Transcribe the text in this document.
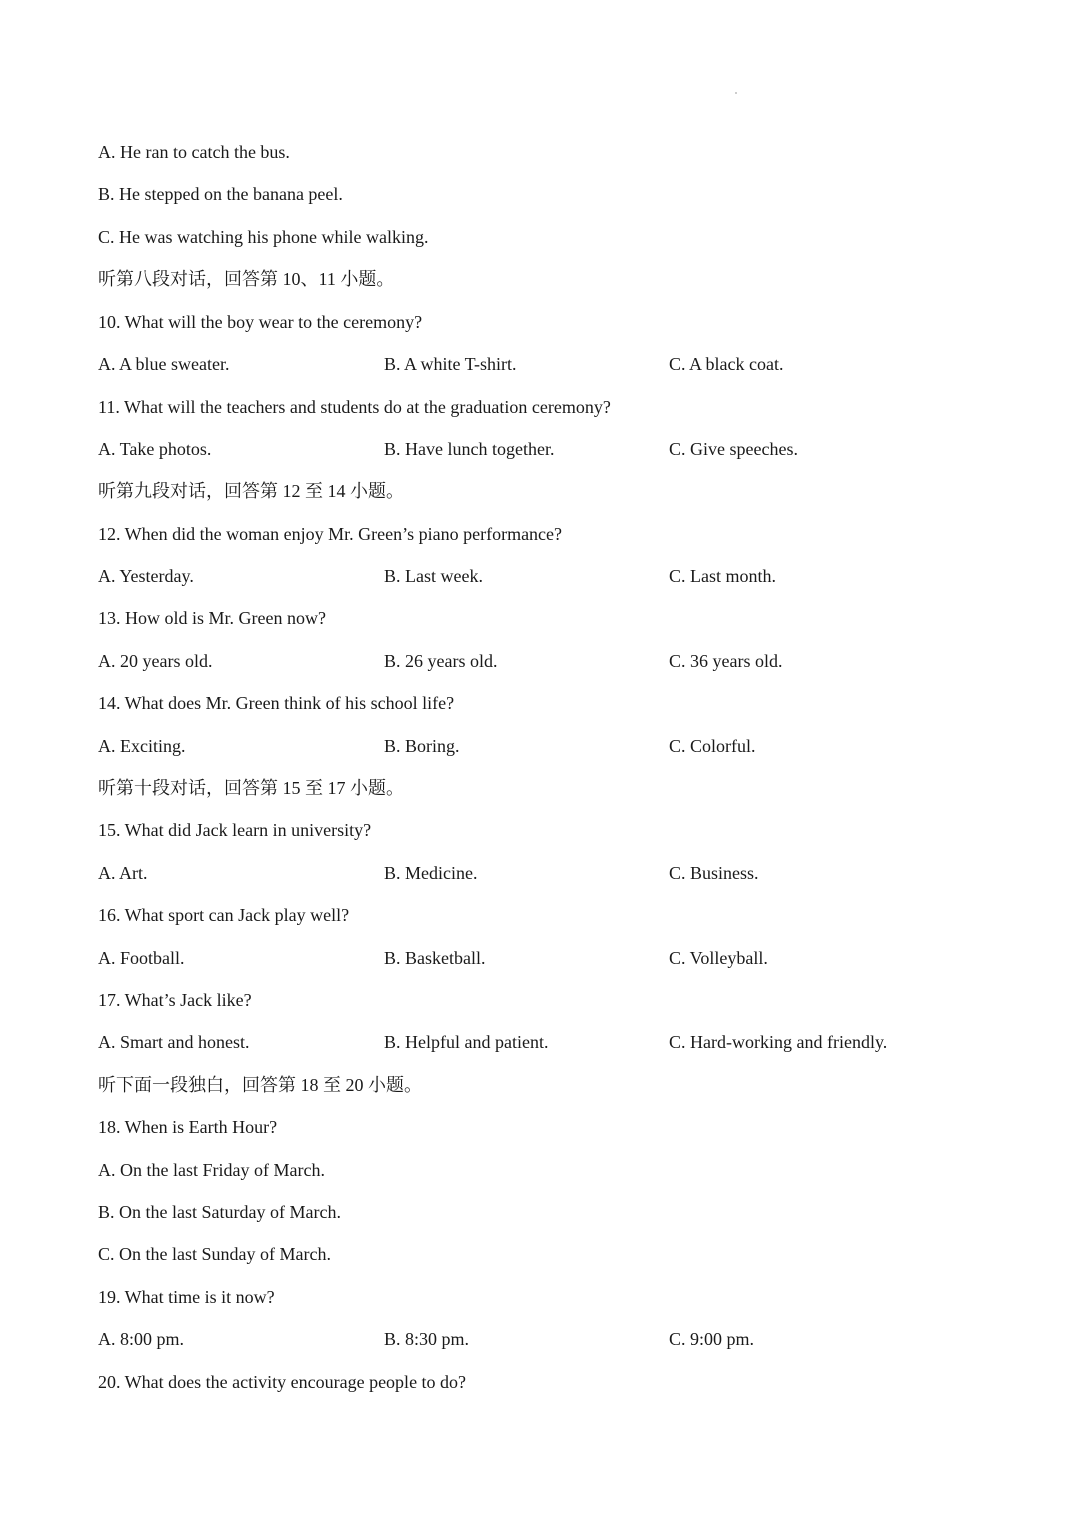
A. He ran to catch the bus.
B. He stepped on the banana peel.
C. He was watching his phone while walking.
听第八段对话，回答第 10、11 小题。
10. What will the boy wear to the ceremony?
A. A blue sweater.	B. A white T-shirt.	C. A black coat.
11. What will the teachers and students do at the graduation ceremony?
A. Take photos.	B. Have lunch together.	C. Give speeches.
听第九段对话，回答第 12 至 14 小题。
12. When did the woman enjoy Mr. Green’s piano performance?
A. Yesterday.	B. Last week.	C. Last month.
13. How old is Mr. Green now?
A. 20 years old.	B. 26 years old.	C. 36 years old.
14. What does Mr. Green think of his school life?
A. Exciting.	B. Boring.	C. Colorful.
听第十段对话，回答第 15 至 17 小题。
15. What did Jack learn in university?
A. Art.	B. Medicine.	C. Business.
16. What sport can Jack play well?
A. Football.	B. Basketball.	C. Volleyball.
17. What’s Jack like?
A. Smart and honest.	B. Helpful and patient.	C. Hard-working and friendly.
听下面一段独白，回答第 18 至 20 小题。
18. When is Earth Hour?
A. On the last Friday of March.
B. On the last Saturday of March.
C. On the last Sunday of March.
19. What time is it now?
A. 8:00 pm.	B. 8:30 pm.	C. 9:00 pm.
20. What does the activity encourage people to do?
